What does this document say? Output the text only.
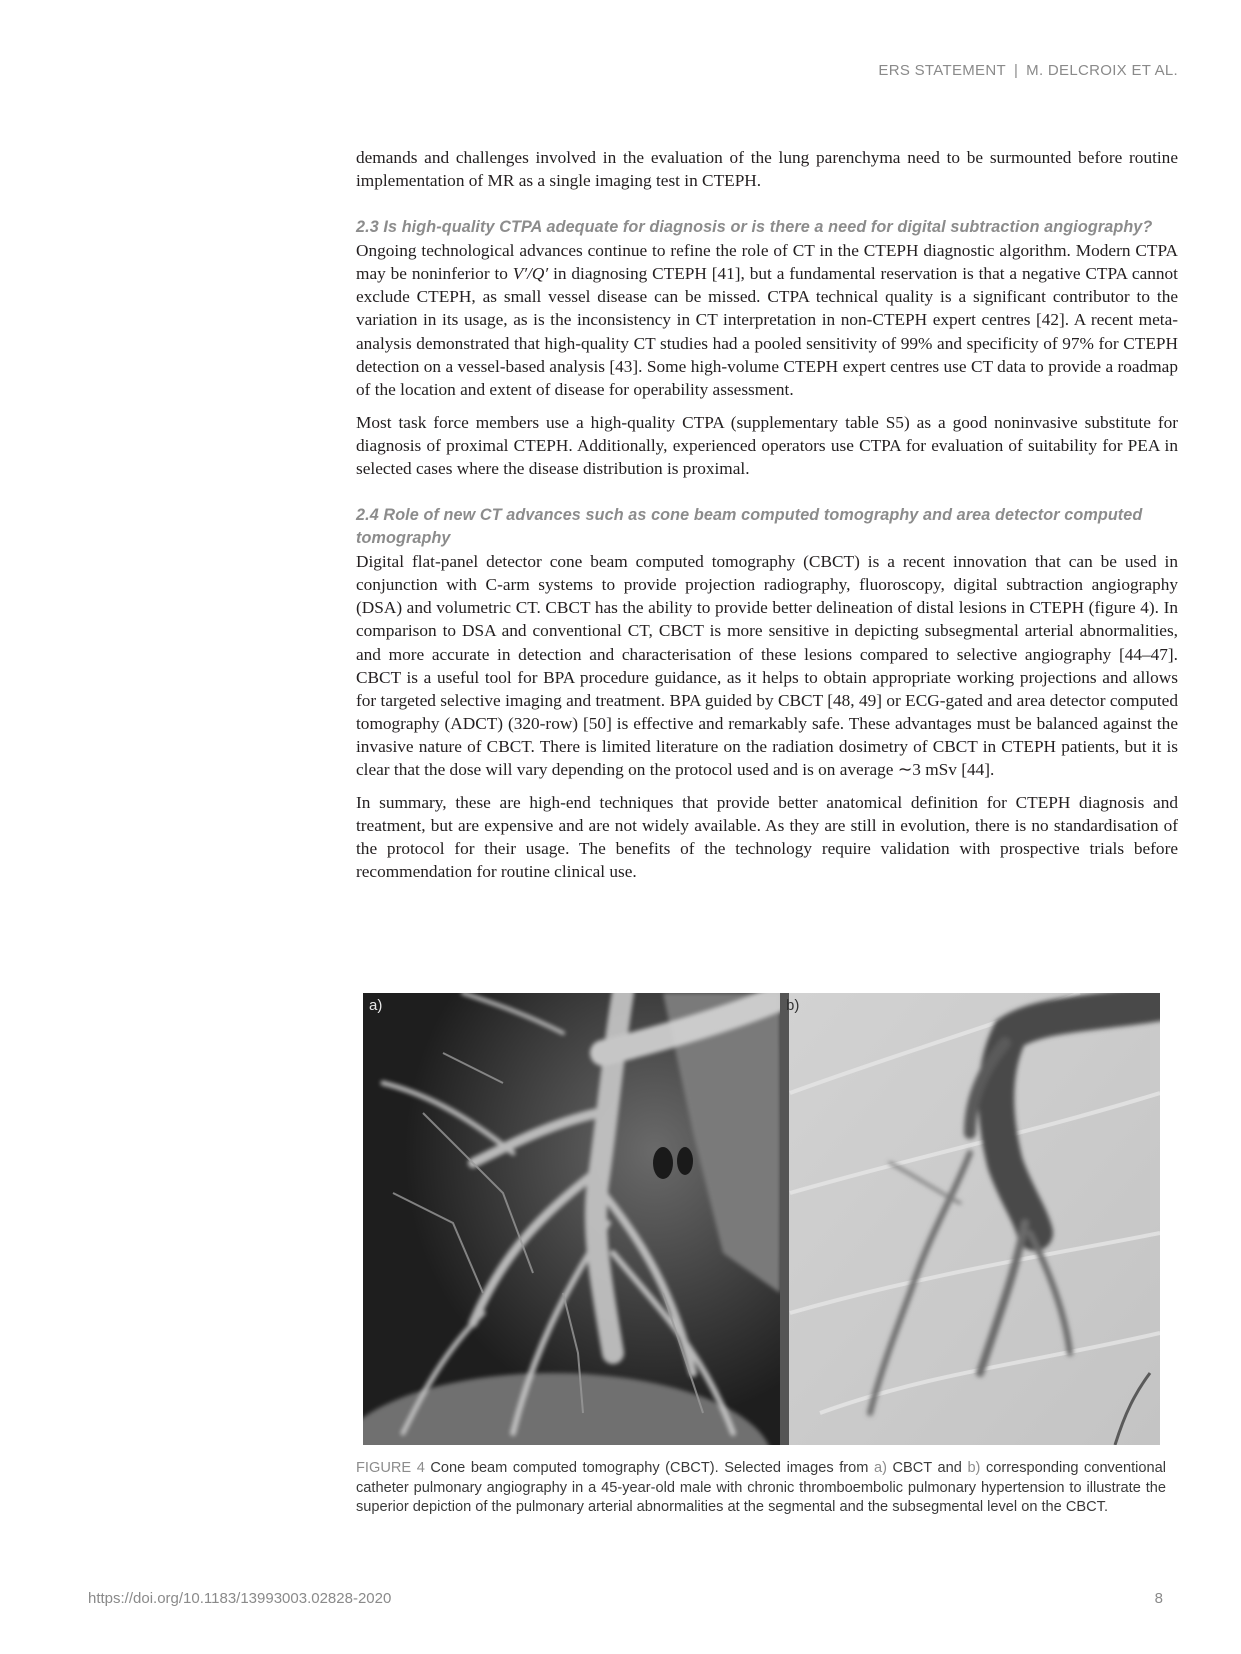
ERS STATEMENT | M. DELCROIX ET AL.

demands and challenges involved in the evaluation of the lung parenchyma need to be surmounted before routine implementation of MR as a single imaging test in CTEPH.

2.3 Is high-quality CTPA adequate for diagnosis or is there a need for digital subtraction angiography?

Ongoing technological advances continue to refine the role of CT in the CTEPH diagnostic algorithm. Modern CTPA may be noninferior to V′/Q′ in diagnosing CTEPH [41], but a fundamental reservation is that a negative CTPA cannot exclude CTEPH, as small vessel disease can be missed. CTPA technical quality is a significant contributor to the variation in its usage, as is the inconsistency in CT interpretation in non-CTEPH expert centres [42]. A recent meta-analysis demonstrated that high-quality CT studies had a pooled sensitivity of 99% and specificity of 97% for CTEPH detection on a vessel-based analysis [43]. Some high-volume CTEPH expert centres use CT data to provide a roadmap of the location and extent of disease for operability assessment.

Most task force members use a high-quality CTPA (supplementary table S5) as a good noninvasive substitute for diagnosis of proximal CTEPH. Additionally, experienced operators use CTPA for evaluation of suitability for PEA in selected cases where the disease distribution is proximal.

2.4 Role of new CT advances such as cone beam computed tomography and area detector computed tomography

Digital flat-panel detector cone beam computed tomography (CBCT) is a recent innovation that can be used in conjunction with C-arm systems to provide projection radiography, fluoroscopy, digital subtraction angiography (DSA) and volumetric CT. CBCT has the ability to provide better delineation of distal lesions in CTEPH (figure 4). In comparison to DSA and conventional CT, CBCT is more sensitive in depicting subsegmental arterial abnormalities, and more accurate in detection and characterisation of these lesions compared to selective angiography [44–47]. CBCT is a useful tool for BPA procedure guidance, as it helps to obtain appropriate working projections and allows for targeted selective imaging and treatment. BPA guided by CBCT [48, 49] or ECG-gated and area detector computed tomography (ADCT) (320-row) [50] is effective and remarkably safe. These advantages must be balanced against the invasive nature of CBCT. There is limited literature on the radiation dosimetry of CBCT in CTEPH patients, but it is clear that the dose will vary depending on the protocol used and is on average ∼3 mSv [44].

In summary, these are high-end techniques that provide better anatomical definition for CTEPH diagnosis and treatment, but are expensive and are not widely available. As they are still in evolution, there is no standardisation of the protocol for their usage. The benefits of the technology require validation with prospective trials before recommendation for routine clinical use.

a)	b)
FIGURE 4 Cone beam computed tomography (CBCT). Selected images from a) CBCT and b) corresponding conventional catheter pulmonary angiography in a 45-year-old male with chronic thromboembolic pulmonary hypertension to illustrate the superior depiction of the pulmonary arterial abnormalities at the segmental and the subsegmental level on the CBCT.
https://doi.org/10.1183/13993003.02828-2020	8
